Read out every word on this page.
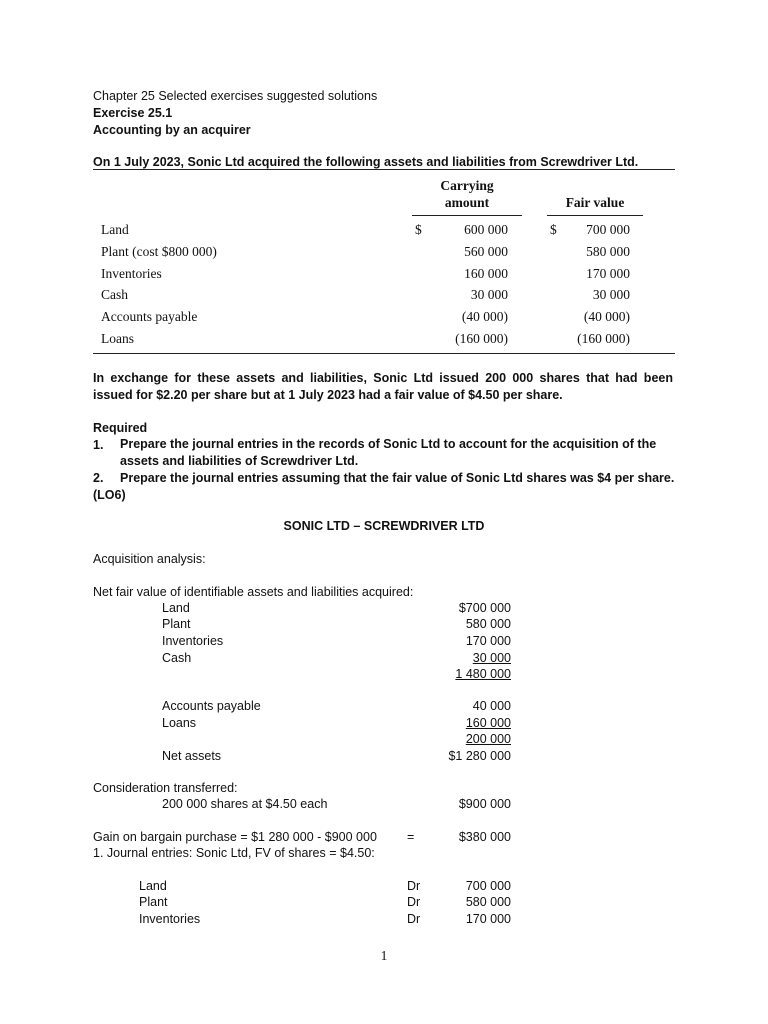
Chapter 25 Selected exercises suggested solutions
Exercise 25.1
Accounting by an acquirer
On 1 July 2023, Sonic Ltd acquired the following assets and liabilities from Screwdriver Ltd.
Carrying
amount	Fair value
$	$
Land	600 000	700 000
Plant (cost $800 000)	560 000	580 000
Inventories	160 000	170 000
Cash	30 000	30 000
Accounts payable	(40 000)	(40 000)
Loans	(160 000)	(160 000)
In exchange for these assets and liabilities, Sonic Ltd issued 200 000 shares that had been issued for $2.20 per share but at 1 July 2023 had a fair value of $4.50 per share.
Required
1. Prepare the journal entries in the records of Sonic Ltd to account for the acquisition of the
assets and liabilities of Screwdriver Ltd.
2. Prepare the journal entries assuming that the fair value of Sonic Ltd shares was $4 per share.
(LO6)
SONIC LTD – SCREWDRIVER LTD
Acquisition analysis:
Net fair value of identifiable assets and liabilities acquired:
Land	$700 000
Plant	580 000
Inventories	170 000
Cash	30 000
1 480 000
Accounts payable	40 000
Loans	160 000
200 000
Net assets	$1 280 000
Consideration transferred:
200 000 shares at $4.50 each	$900 000
Gain on bargain purchase = $1 280 000 - $900 000 =	$380 000
1. Journal entries: Sonic Ltd, FV of shares = $4.50:
Land	Dr	700 000
Plant	Dr	580 000
Inventories	Dr	170 000
1
